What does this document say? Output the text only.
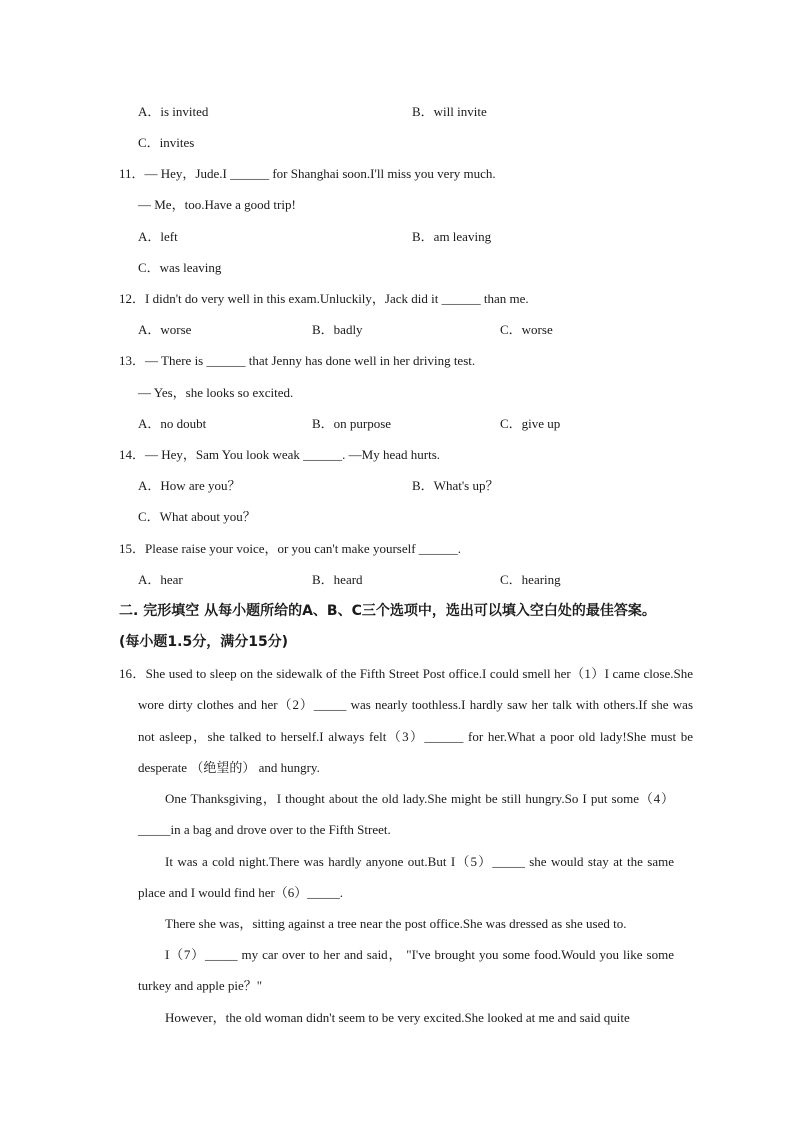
A．is invited	B．will invite
C．invites
11．— Hey，Jude.I ______ for Shanghai soon.I'll miss you very much.
— Me，too.Have a good trip!
A．left	B．am leaving
C．was leaving
12．I didn't do very well in this exam.Unluckily，Jack did it ______ than me.
A．worse	B．badly	C．worse
13．— There is ______ that Jenny has done well in her driving test.
— Yes，she looks so excited.
A．no doubt	B．on purpose	C．give up
14．— Hey，Sam You look weak ______. —My head hurts.
A．How are you？	B．What's up？
C．What about you？
15．Please raise your voice，or you can't make yourself ______.
A．hear	B．heard	C．hearing
二. 完形填空 从每小题所给的A、B、C三个选项中，选出可以填入空白处的最佳答案。(每小题1.5分，满分15分)
16．She used to sleep on the sidewalk of the Fifth Street Post office.I could smell her（1）I came close.She wore dirty clothes and her（2）_____ was nearly toothless.I hardly saw her talk with others.If she was not asleep，she talked to herself.I always felt（3）______ for her.What a poor old lady!She must be desperate （绝望的） and hungry.
One Thanksgiving，I thought about the old lady.She might be still hungry.So I put some（4）_____in a bag and drove over to the Fifth Street.
It was a cold night.There was hardly anyone out.But I（5）_____ she would stay at the same place and I would find her（6）_____.
There she was，sitting against a tree near the post office.She was dressed as she used to.
I（7）_____ my car over to her and said， "I've brought you some food.Would you like some turkey and apple pie？"
However，the old woman didn't seem to be very excited.She looked at me and said quite
